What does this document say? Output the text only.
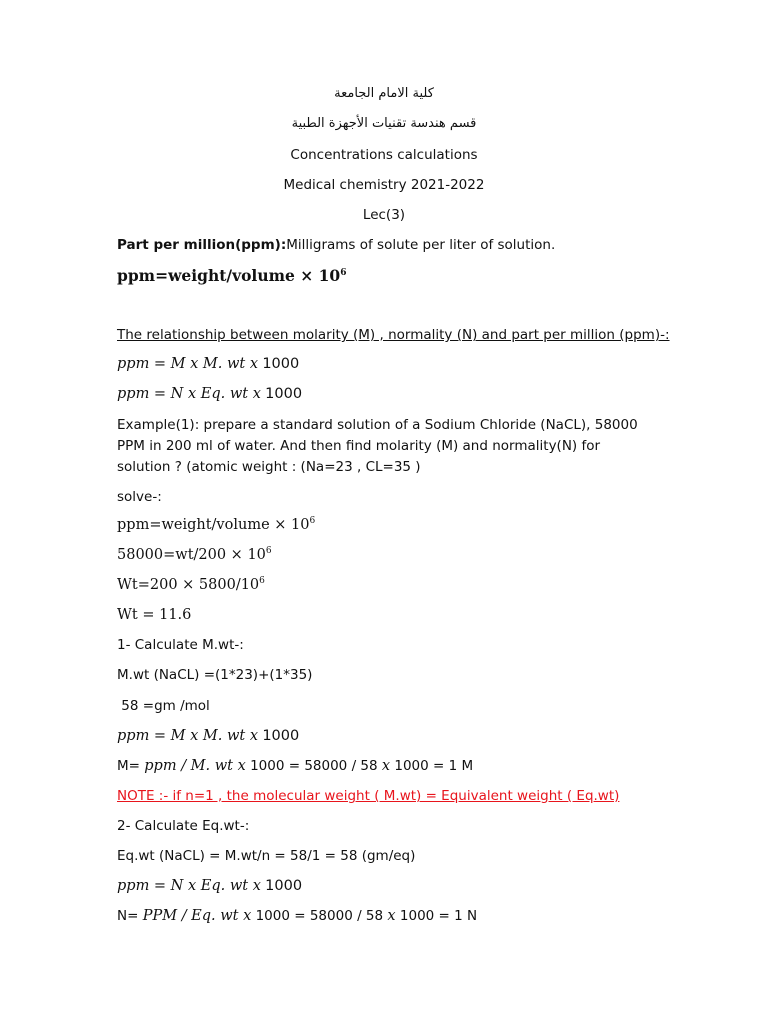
كلية الامام الجامعة
قسم هندسة تقنيات الأجهزة الطبية
Concentrations calculations
Medical chemistry 2021-2022
Lec(3)
Part per million(ppm):Milligrams of solute per liter of solution.
ppm=weight/volume × $10^6$
The relationship between molarity (M) , normality (N) and part per million (ppm)-:
ppm = M x M. wt x 1000
ppm = N x Eq. wt x 1000
Example(1): prepare a standard solution of a Sodium Chloride (NaCL), 58000 PPM in 200 ml of water. And then find molarity (M) and normality(N) for solution ? (atomic weight : (Na=23 , CL=35 )
solve-:
ppm=weight/volume × $10^6$
$58000=wt/200 \times 10^6$
$Wt=200 \times 5800/10^6$
Wt = 11.6
1- Calculate M.wt-:
M.wt (NaCL) =(1*23)+(1*35)
58 =gm /mol
ppm = M x M. wt x 1000
M= ppm / M. wt x 1000 = 58000 / 58 x 1000 = 1 M
NOTE :- if n=1 , the molecular weight ( M.wt) = Equivalent weight ( Eq.wt)
2- Calculate Eq.wt-:
Eq.wt (NaCL) = M.wt/n = 58/1 = 58 (gm/eq)
ppm = N x Eq. wt x 1000
N= PPM / Eq. wt x 1000 = 58000 / 58 x 1000 = 1 N
